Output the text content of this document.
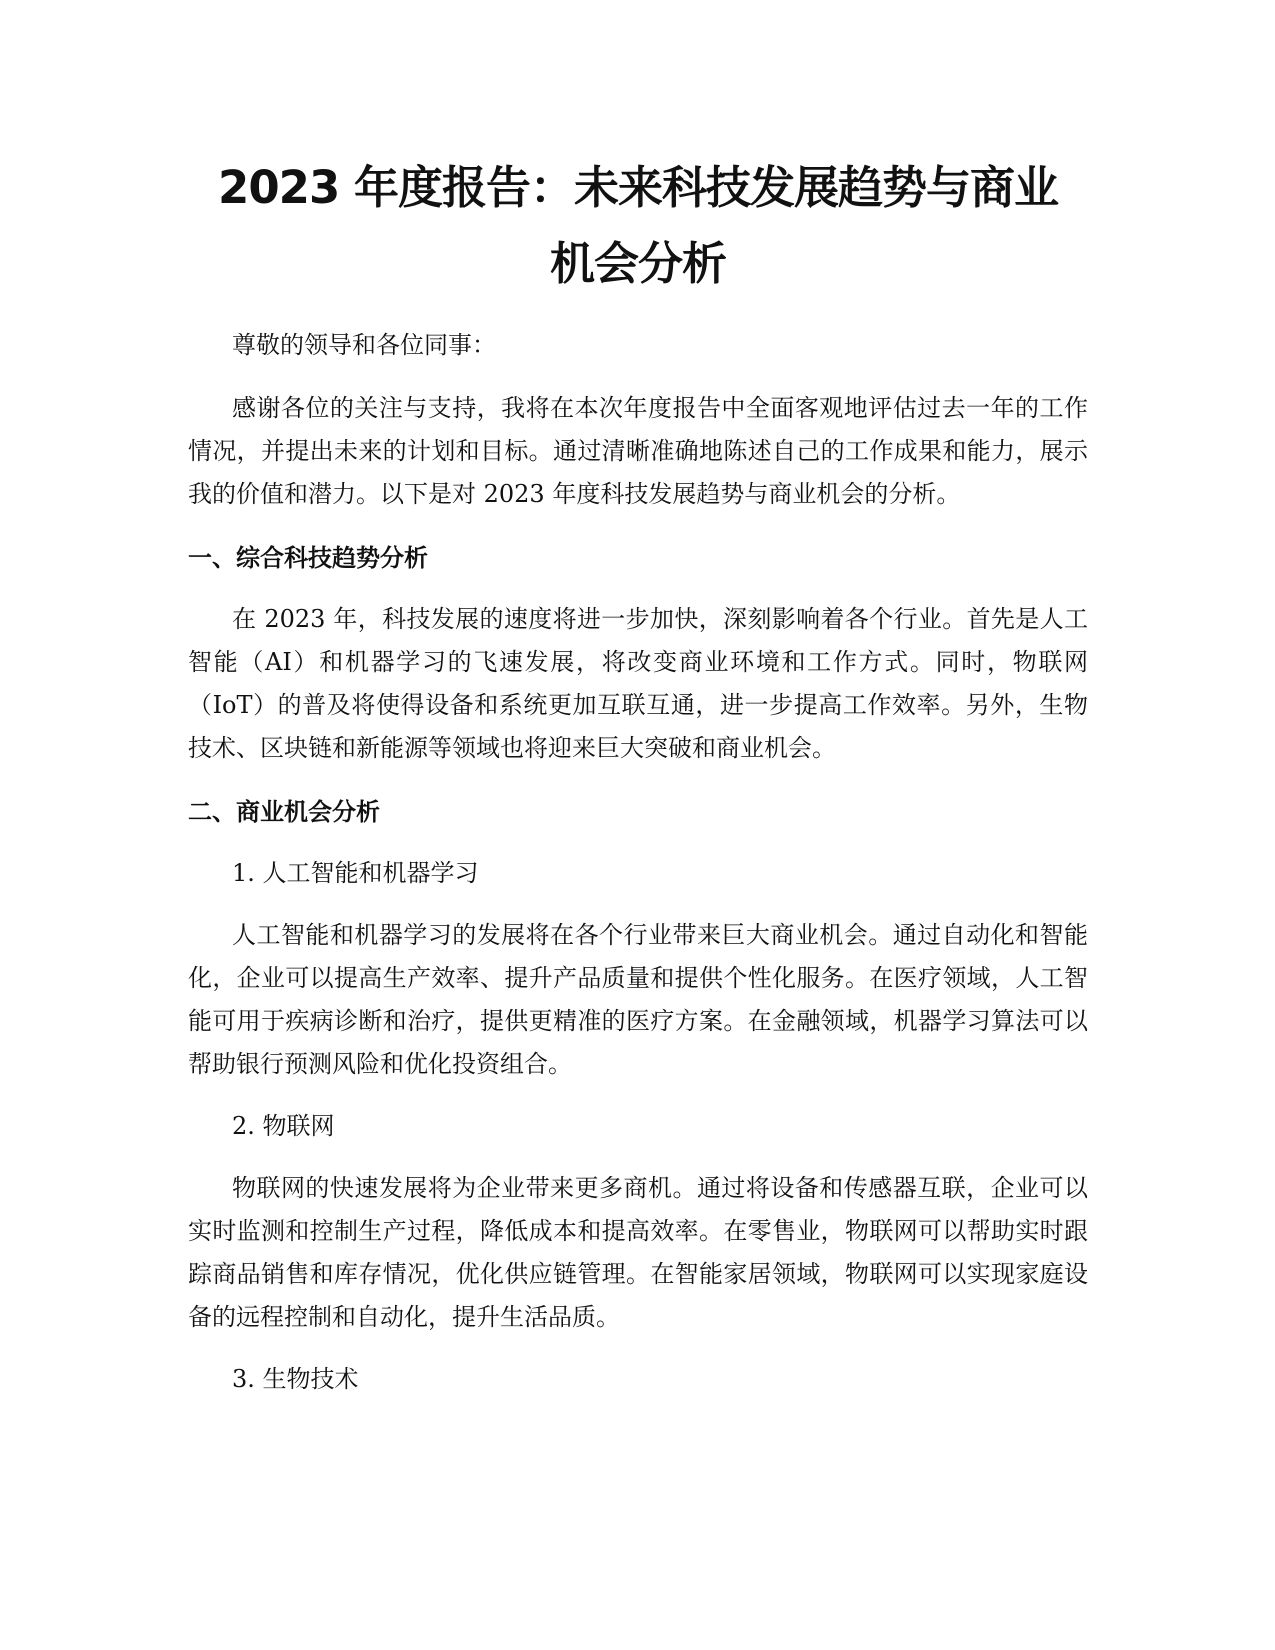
2023 年度报告：未来科技发展趋势与商业机会分析

尊敬的领导和各位同事：

感谢各位的关注与支持，我将在本次年度报告中全面客观地评估过去一年的工作情况，并提出未来的计划和目标。通过清晰准确地陈述自己的工作成果和能力，展示我的价值和潜力。以下是对 2023 年度科技发展趋势与商业机会的分析。

一、综合科技趋势分析

在 2023 年，科技发展的速度将进一步加快，深刻影响着各个行业。首先是人工智能（AI）和机器学习的飞速发展，将改变商业环境和工作方式。同时，物联网（IoT）的普及将使得设备和系统更加互联互通，进一步提高工作效率。另外，生物技术、区块链和新能源等领域也将迎来巨大突破和商业机会。

二、商业机会分析

1. 人工智能和机器学习

人工智能和机器学习的发展将在各个行业带来巨大商业机会。通过自动化和智能化，企业可以提高生产效率、提升产品质量和提供个性化服务。在医疗领域，人工智能可用于疾病诊断和治疗，提供更精准的医疗方案。在金融领域，机器学习算法可以帮助银行预测风险和优化投资组合。

2. 物联网

物联网的快速发展将为企业带来更多商机。通过将设备和传感器互联，企业可以实时监测和控制生产过程，降低成本和提高效率。在零售业，物联网可以帮助实时跟踪商品销售和库存情况，优化供应链管理。在智能家居领域，物联网可以实现家庭设备的远程控制和自动化，提升生活品质。

3. 生物技术
